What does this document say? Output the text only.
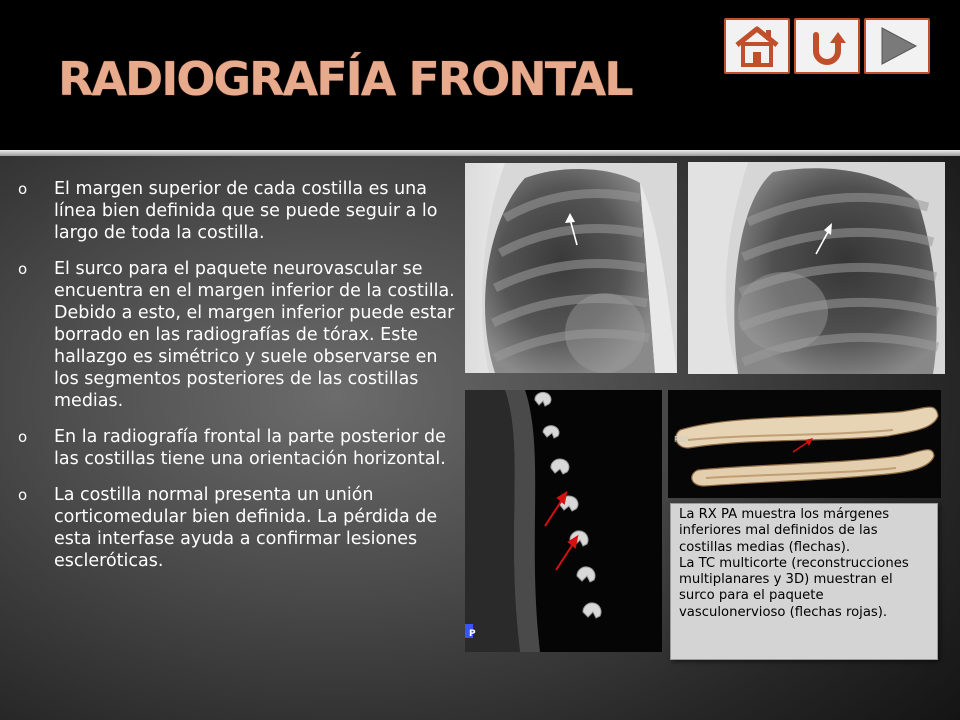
RADIOGRAFÍA FRONTAL
o	El margen superior de cada costilla es una línea bien definida que se puede seguir a lo largo de toda la costilla.
o	El surco para el paquete neurovascular se encuentra en el margen inferior de la costilla. Debido a esto, el margen inferior puede estar borrado en las radiografías de tórax. Este hallazgo es simétrico y suele observarse en los segmentos posteriores de las costillas medias.
o	En la radiografía frontal la parte posterior de las costillas tiene una orientación horizontal.
o	La costilla normal presenta un unión corticomedular bien definida. La pérdida de esta interfase ayuda a confirmar lesiones escleróticas.
P
RAF
La RX PA muestra los márgenes inferiores mal definidos de las costillas medias (flechas).
La TC multicorte (reconstrucciones multiplanares y 3D) muestran el surco para el paquete vasculonervioso (flechas rojas).
